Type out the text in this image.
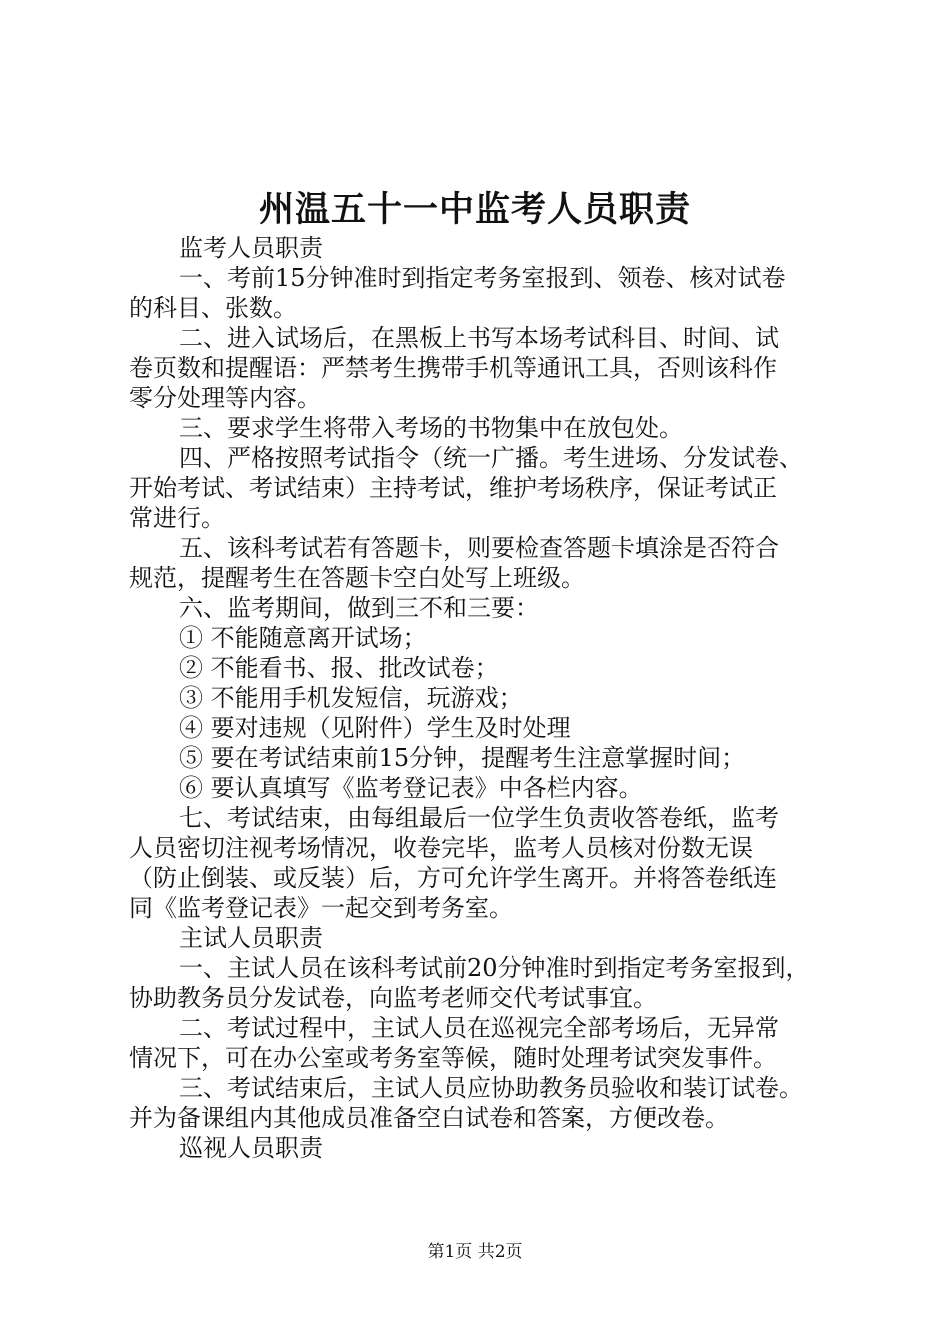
州温五十一中监考人员职责
监考人员职责
一、考前15分钟准时到指定考务室报到、领卷、核对试卷
的科目、张数。
二、进入试场后，在黑板上书写本场考试科目、时间、试
卷页数和提醒语：严禁考生携带手机等通讯工具，否则该科作
零分处理等内容。
三、要求学生将带入考场的书物集中在放包处。
四、严格按照考试指令（统一广播。考生进场、分发试卷、
开始考试、考试结束）主持考试，维护考场秩序，保证考试正
常进行。
五、该科考试若有答题卡，则要检查答题卡填涂是否符合
规范，提醒考生在答题卡空白处写上班级。
六、监考期间，做到三不和三要：
① 不能随意离开试场；
② 不能看书、报、批改试卷；
③ 不能用手机发短信，玩游戏；
④ 要对违规（见附件）学生及时处理
⑤ 要在考试结束前15分钟，提醒考生注意掌握时间；
⑥ 要认真填写《监考登记表》中各栏内容。
七、考试结束，由每组最后一位学生负责收答卷纸，监考
人员密切注视考场情况，收卷完毕，监考人员核对份数无误
（防止倒装、或反装）后，方可允许学生离开。并将答卷纸连
同《监考登记表》一起交到考务室。
主试人员职责
一、主试人员在该科考试前20分钟准时到指定考务室报到，
协助教务员分发试卷，向监考老师交代考试事宜。
二、考试过程中，主试人员在巡视完全部考场后，无异常
情况下，可在办公室或考务室等候，随时处理考试突发事件。
三、考试结束后，主试人员应协助教务员验收和装订试卷。
并为备课组内其他成员准备空白试卷和答案，方便改卷。
巡视人员职责
第1页 共2页
